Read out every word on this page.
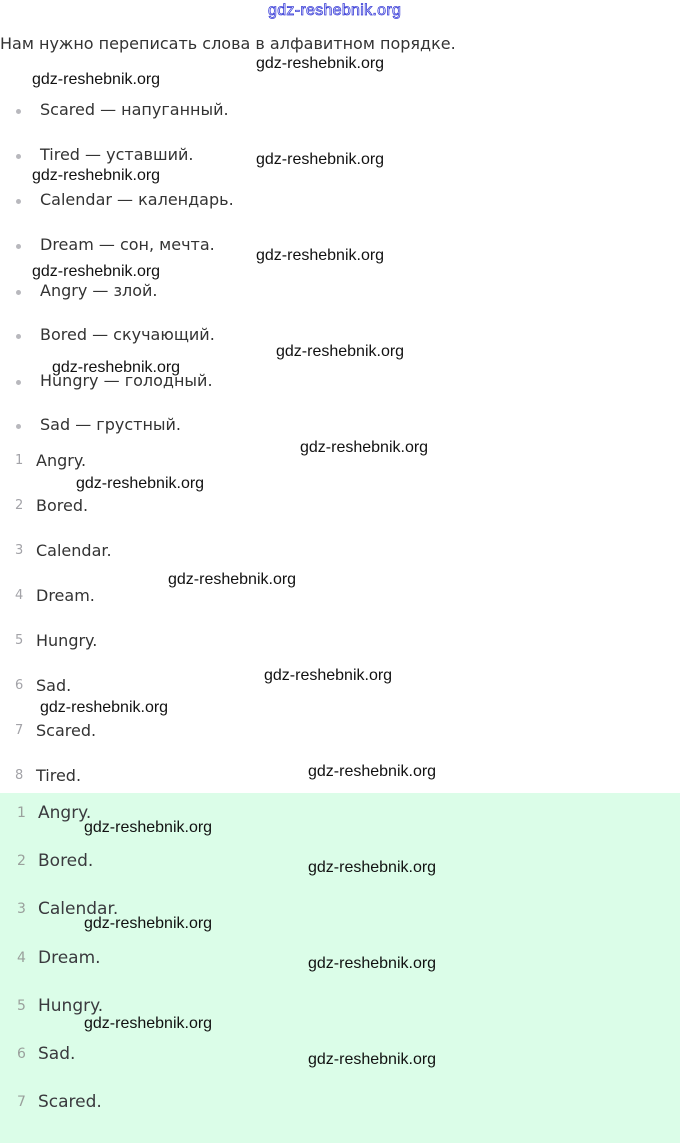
gdz-reshebnik.org
Нам нужно переписать слова в алфавитном порядке.
Scared — напуганный.
Tired — уставший.
Calendar — календарь.
Dream — сон, мечта.
Angry — злой.
Bored — скучающий.
Hungry — голодный.
Sad — грустный.
1 Angry.
2 Bored.
3 Calendar.
4 Dream.
5 Hungry.
6 Sad.
7 Scared.
8 Tired.
1 Angry.
2 Bored.
3 Calendar.
4 Dream.
5 Hungry.
6 Sad.
7 Scared.
gdz-reshebnik.org
gdz-reshebnik.org
gdz-reshebnik.org
gdz-reshebnik.org
gdz-reshebnik.org
gdz-reshebnik.org
gdz-reshebnik.org
gdz-reshebnik.org
gdz-reshebnik.org
gdz-reshebnik.org
gdz-reshebnik.org
gdz-reshebnik.org
gdz-reshebnik.org
gdz-reshebnik.org
gdz-reshebnik.org
gdz-reshebnik.org
gdz-reshebnik.org
gdz-reshebnik.org
gdz-reshebnik.org
gdz-reshebnik.org
